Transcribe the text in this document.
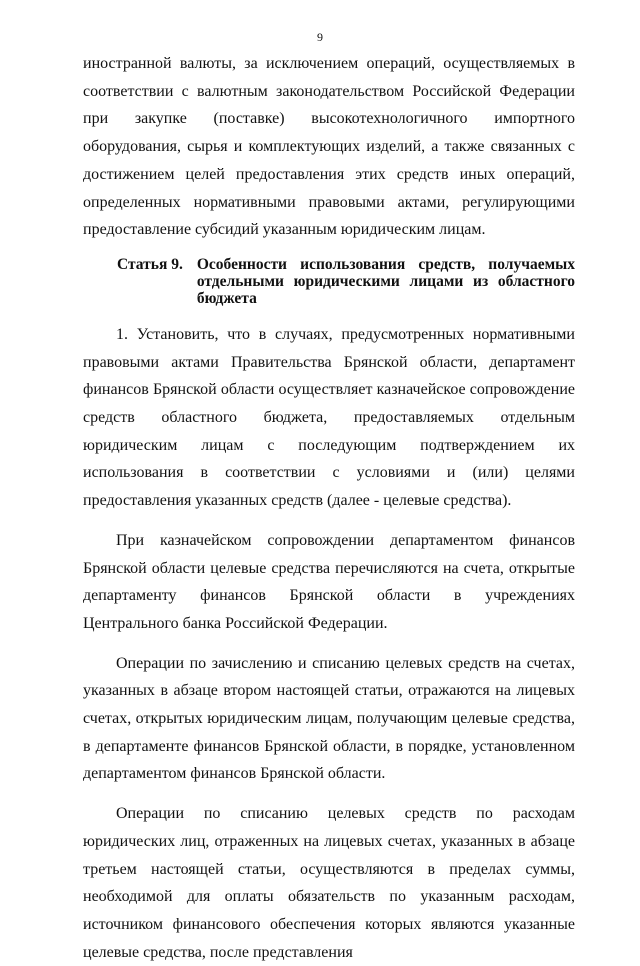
9

иностранной валюты, за исключением операций, осуществляемых в соответствии с валютным законодательством Российской Федерации при закупке (поставке) высокотехнологичного импортного оборудования, сырья и комплектующих изделий, а также связанных с достижением целей предоставления этих средств иных операций, определенных нормативными правовыми актами, регулирующими предоставление субсидий указанным юридическим лицам.

Статья 9. Особенности использования средств, получаемых отдельными юридическими лицами из областного бюджета

1. Установить, что в случаях, предусмотренных нормативными правовыми актами Правительства Брянской области, департамент финансов Брянской области осуществляет казначейское сопровождение средств областного бюджета, предоставляемых отдельным юридическим лицам с последующим подтверждением их использования в соответствии с условиями и (или) целями предоставления указанных средств (далее - целевые средства).

При казначейском сопровождении департаментом финансов Брянской области целевые средства перечисляются на счета, открытые департаменту финансов Брянской области в учреждениях Центрального банка Российской Федерации.

Операции по зачислению и списанию целевых средств на счетах, указанных в абзаце втором настоящей статьи, отражаются на лицевых счетах, открытых юридическим лицам, получающим целевые средства, в департаменте финансов Брянской области, в порядке, установленном департаментом финансов Брянской области.

Операции по списанию целевых средств по расходам юридических лиц, отраженных на лицевых счетах, указанных в абзаце третьем настоящей статьи, осуществляются в пределах суммы, необходимой для оплаты обязательств по указанным расходам, источником финансового обеспечения которых являются указанные целевые средства, после представления
